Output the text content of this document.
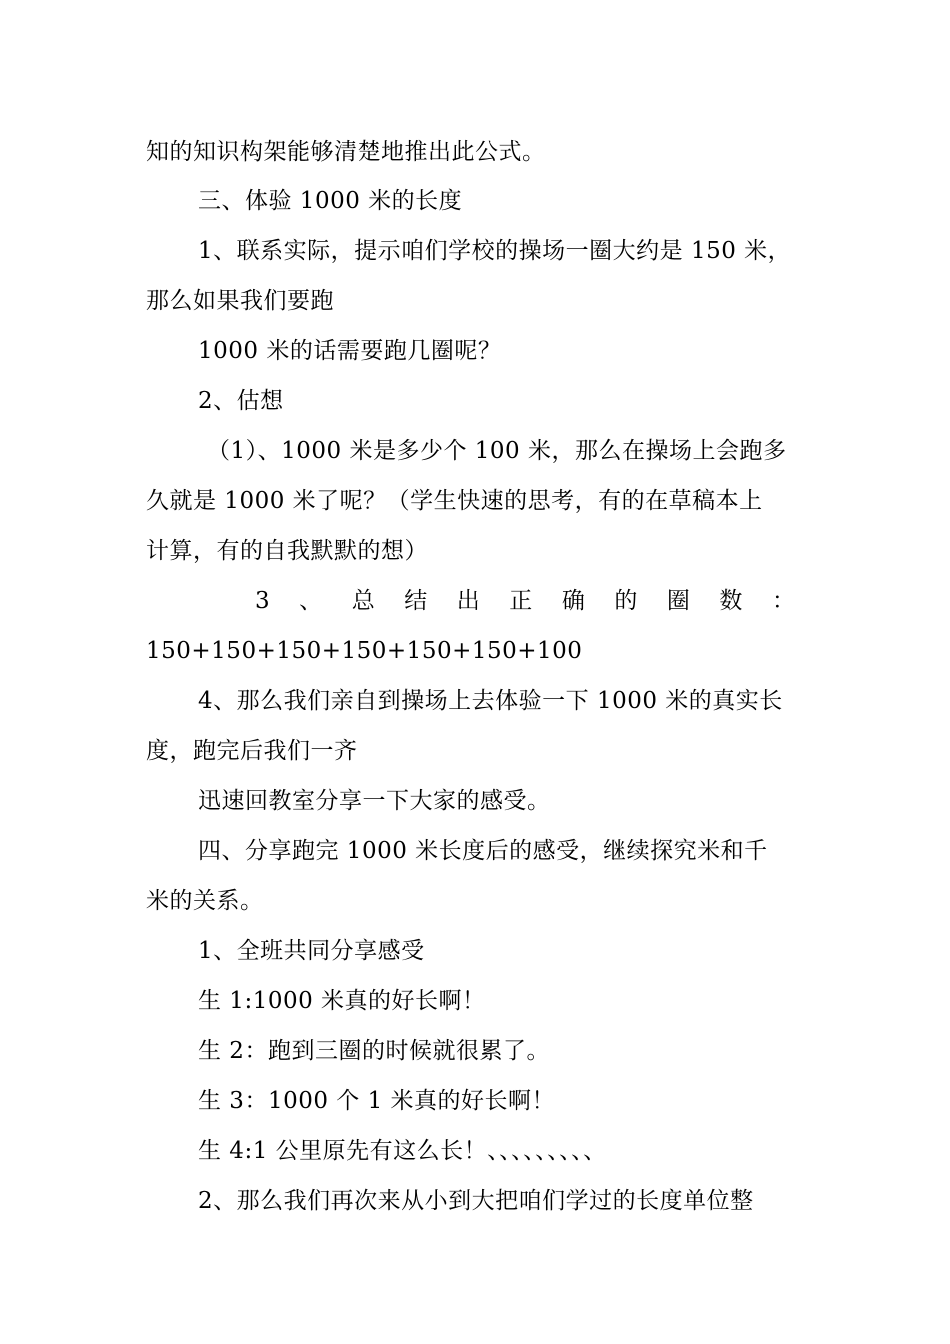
知的知识构架能够清楚地推出此公式。
三、体验 1000 米的长度
1、联系实际，提示咱们学校的操场一圈大约是 150 米，
那么如果我们要跑
1000 米的话需要跑几圈呢？
2、估想
（1）、1000 米是多少个 100 米，那么在操场上会跑多
久就是 1000 米了呢？（学生快速的思考，有的在草稿本上
计算，有的自我默默的想）
3 、 总 结 出 正 确 的 圈 数 ：
150+150+150+150+150+150+100
4、那么我们亲自到操场上去体验一下 1000 米的真实长
度，跑完后我们一齐
迅速回教室分享一下大家的感受。
四、分享跑完 1000 米长度后的感受，继续探究米和千
米的关系。
1、全班共同分享感受
生 1:1000 米真的好长啊！
生 2：跑到三圈的时候就很累了。
生 3：1000 个 1 米真的好长啊！
生 4:1 公里原先有这么长！、、、、、、、、、
2、那么我们再次来从小到大把咱们学过的长度单位整
